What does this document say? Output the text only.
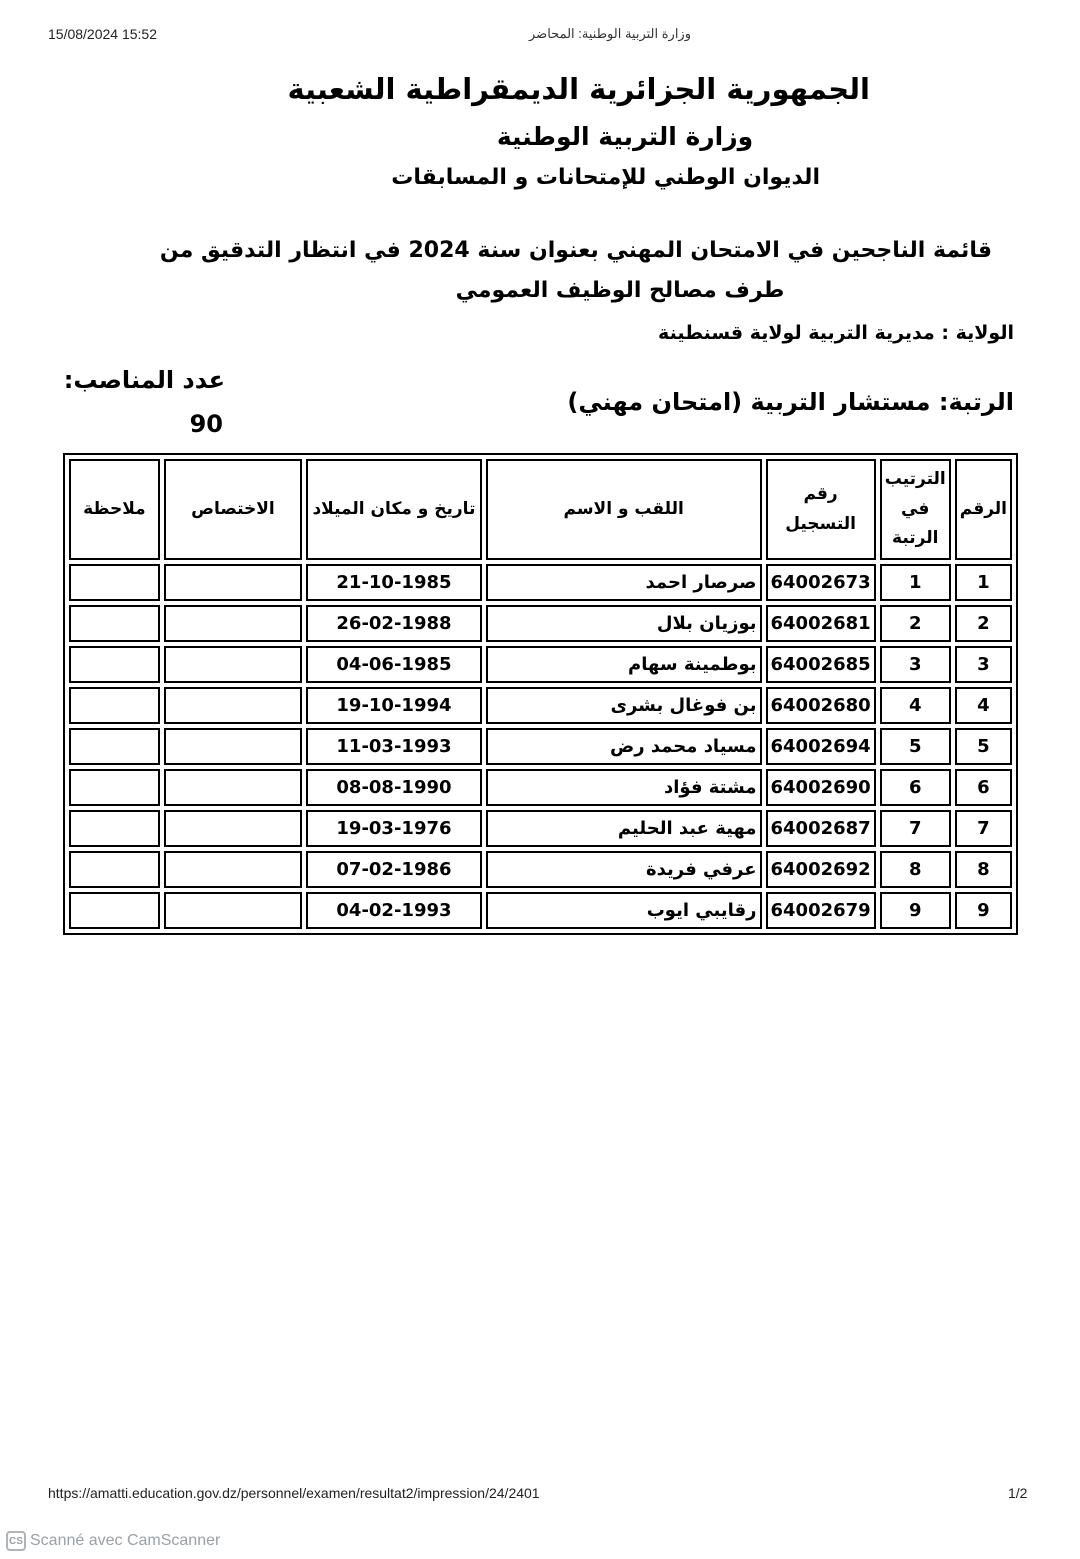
15/08/2024 15:52	وزارة التربية الوطنية: المحاضر
الجمهورية الجزائرية الديمقراطية الشعبية
وزارة التربية الوطنية
الديوان الوطني للإمتحانات و المسابقات
قائمة الناجحين في الامتحان المهني بعنوان سنة 2024 في انتظار التدقيق من
طرف مصالح الوظيف العمومي
الولاية : مديرية التربية لولاية قسنطينة
الرتبة: مستشار التربية (امتحان مهني)
عدد المناصب:
90
الرقم	الترتيب في الرتبة	رقم التسجيل	اللقب و الاسم	تاريخ و مكان الميلاد	الاختصاص	ملاحظة
1	1	64002673	صرصار احمد	21-10-1985		
2	2	64002681	بوزيان بلال	26-02-1988		
3	3	64002685	بوطمينة سهام	04-06-1985		
4	4	64002680	بن فوغال بشرى	19-10-1994		
5	5	64002694	مسياد محمد رض	11-03-1993		
6	6	64002690	مشتة فؤاد	08-08-1990		
7	7	64002687	مهية عبد الحليم	19-03-1976		
8	8	64002692	عرفي فريدة	07-02-1986		
9	9	64002679	رقايبي ايوب	04-02-1993		
https://amatti.education.gov.dz/personnel/examen/resultat2/impression/24/2401	1/2
CS Scanné avec CamScanner
